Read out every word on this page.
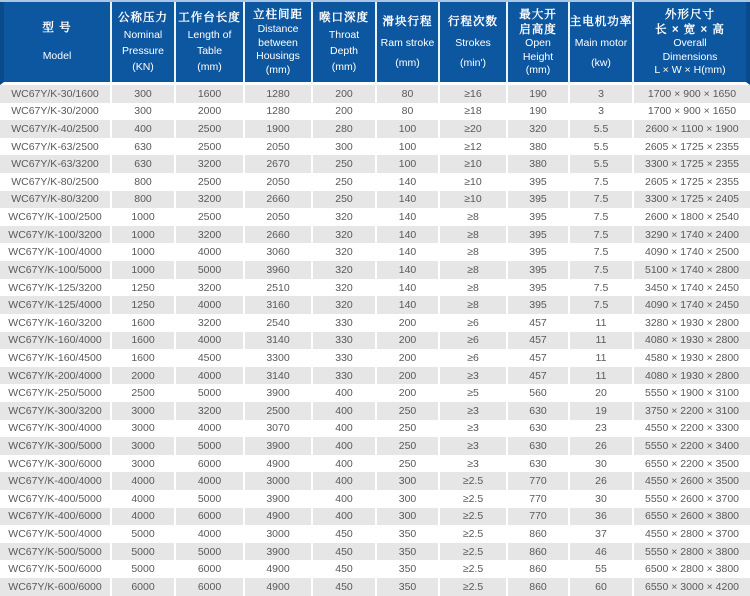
型 号
Model

公称压力
Nominal
Pressure
(KN)

工作台长度
Length of
Table
(mm)

立柱间距
Distance
between
Housings
(mm)

喉口深度
Throat
Depth
(mm)

滑块行程
Ram stroke
(mm)

行程次数
Strokes
(min')

最大开
启高度
Open
Height
(mm)

主电机功率
Main motor
(kw)

外形尺寸
长 × 宽 × 高
Overall
Dimensions
L × W × H(mm)

WC67Y/K-30/1600	300	1600	1280	200	80	≥16	190	3	1700 × 900 × 1650
WC67Y/K-30/2000	300	2000	1280	200	80	≥18	190	3	1700 × 900 × 1650
WC67Y/K-40/2500	400	2500	1900	280	100	≥20	320	5.5	2600 × 1100 × 1900
WC67Y/K-63/2500	630	2500	2050	300	100	≥12	380	5.5	2605 × 1725 × 2355
WC67Y/K-63/3200	630	3200	2670	250	100	≥10	380	5.5	3300 × 1725 × 2355
WC67Y/K-80/2500	800	2500	2050	250	140	≥10	395	7.5	2605 × 1725 × 2355
WC67Y/K-80/3200	800	3200	2660	250	140	≥10	395	7.5	3300 × 1725 × 2405
WC67Y/K-100/2500	1000	2500	2050	320	140	≥8	395	7.5	2600 × 1800 × 2540
WC67Y/K-100/3200	1000	3200	2660	320	140	≥8	395	7.5	3290 × 1740 × 2400
WC67Y/K-100/4000	1000	4000	3060	320	140	≥8	395	7.5	4090 × 1740 × 2500
WC67Y/K-100/5000	1000	5000	3960	320	140	≥8	395	7.5	5100 × 1740 × 2800
WC67Y/K-125/3200	1250	3200	2510	320	140	≥8	395	7.5	3450 × 1740 × 2450
WC67Y/K-125/4000	1250	4000	3160	320	140	≥8	395	7.5	4090 × 1740 × 2450
WC67Y/K-160/3200	1600	3200	2540	330	200	≥6	457	11	3280 × 1930 × 2800
WC67Y/K-160/4000	1600	4000	3140	330	200	≥6	457	11	4080 × 1930 × 2800
WC67Y/K-160/4500	1600	4500	3300	330	200	≥6	457	11	4580 × 1930 × 2800
WC67Y/K-200/4000	2000	4000	3140	330	200	≥3	457	11	4080 × 1930 × 2800
WC67Y/K-250/5000	2500	5000	3900	400	200	≥5	560	20	5550 × 1900 × 3100
WC67Y/K-300/3200	3000	3200	2500	400	250	≥3	630	19	3750 × 2200 × 3100
WC67Y/K-300/4000	3000	4000	3070	400	250	≥3	630	23	4550 × 2200 × 3300
WC67Y/K-300/5000	3000	5000	3900	400	250	≥3	630	26	5550 × 2200 × 3400
WC67Y/K-300/6000	3000	6000	4900	400	250	≥3	630	30	6550 × 2200 × 3500
WC67Y/K-400/4000	4000	4000	3000	400	300	≥2.5	770	26	4550 × 2600 × 3500
WC67Y/K-400/5000	4000	5000	3900	400	300	≥2.5	770	30	5550 × 2600 × 3700
WC67Y/K-400/6000	4000	6000	4900	400	300	≥2.5	770	36	6550 × 2600 × 3800
WC67Y/K-500/4000	5000	4000	3000	450	350	≥2.5	860	37	4550 × 2800 × 3700
WC67Y/K-500/5000	5000	5000	3900	450	350	≥2.5	860	46	5550 × 2800 × 3800
WC67Y/K-500/6000	5000	6000	4900	450	350	≥2.5	860	55	6500 × 2800 × 3800
WC67Y/K-600/6000	6000	6000	4900	450	350	≥2.5	860	60	6550 × 3000 × 4200
